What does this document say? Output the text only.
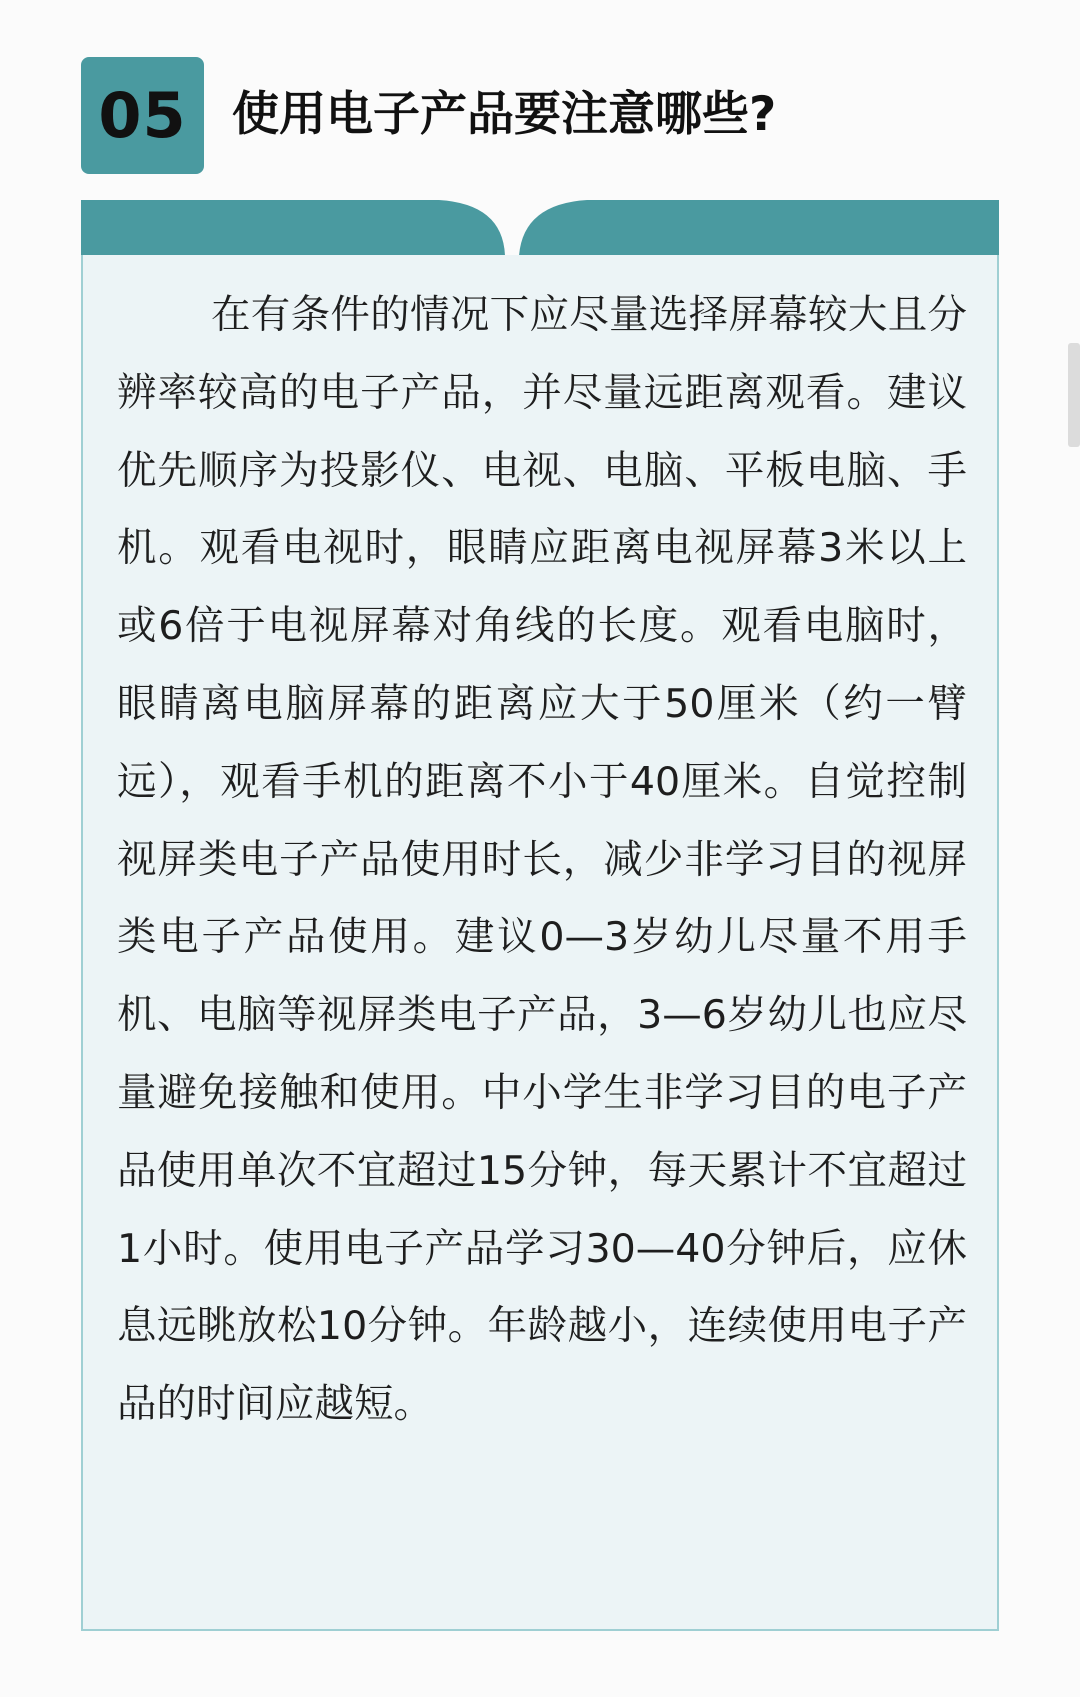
05 使用电子产品要注意哪些?

在有条件的情况下应尽量选择屏幕较大且分辨率较高的电子产品，并尽量远距离观看。建议优先顺序为投影仪、电视、电脑、平板电脑、手机。观看电视时，眼睛应距离电视屏幕3米以上或6倍于电视屏幕对角线的长度。观看电脑时，眼睛离电脑屏幕的距离应大于50厘米（约一臂远），观看手机的距离不小于40厘米。自觉控制视屏类电子产品使用时长，减少非学习目的视屏类电子产品使用。建议0—3岁幼儿尽量不用手机、电脑等视屏类电子产品，3—6岁幼儿也应尽量避免接触和使用。中小学生非学习目的电子产品使用单次不宜超过15分钟，每天累计不宜超过1小时。使用电子产品学习30—40分钟后，应休息远眺放松10分钟。年龄越小，连续使用电子产品的时间应越短。
